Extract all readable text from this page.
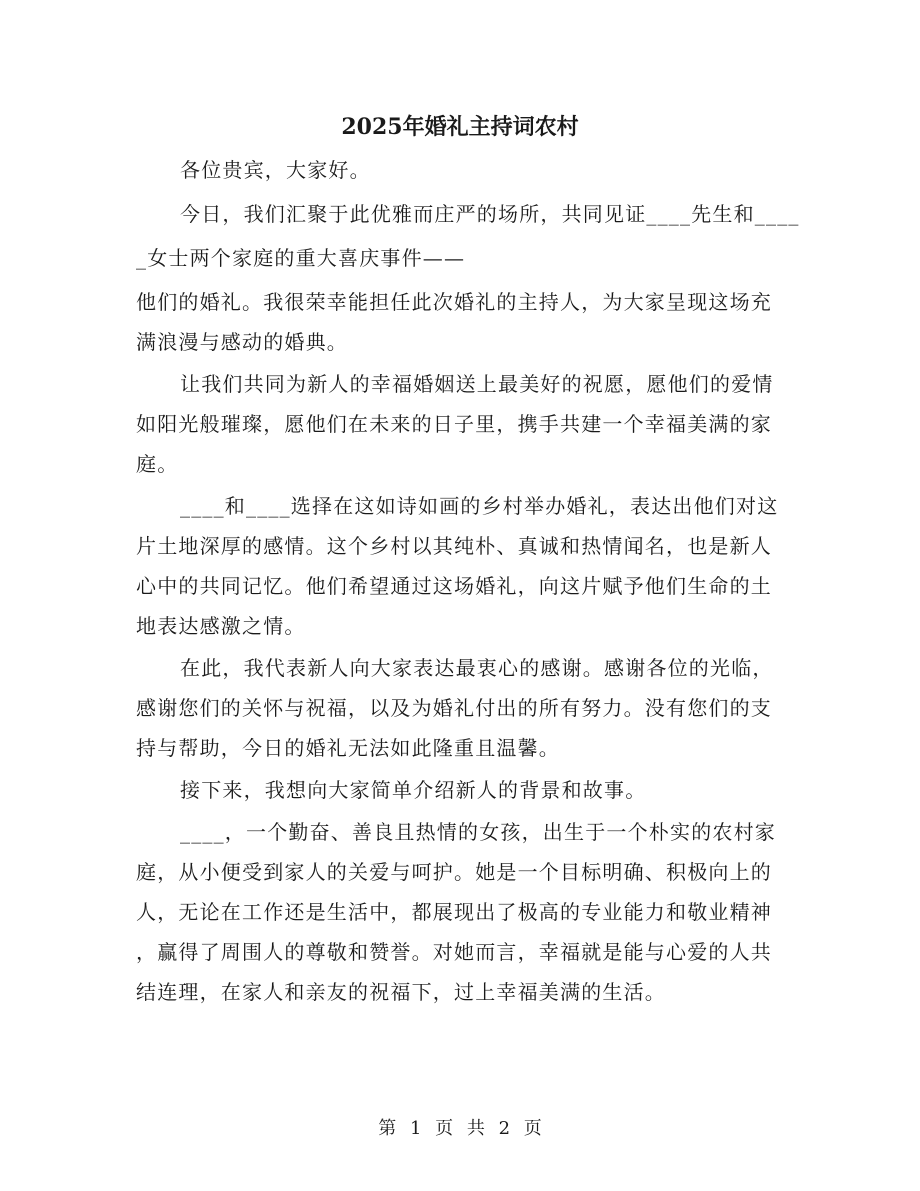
2025年婚礼主持词农村
各位贵宾，大家好。
今日，我们汇聚于此优雅而庄严的场所，共同见证____先生和____
_女士两个家庭的重大喜庆事件——
他们的婚礼。我很荣幸能担任此次婚礼的主持人，为大家呈现这场充
满浪漫与感动的婚典。
让我们共同为新人的幸福婚姻送上最美好的祝愿，愿他们的爱情
如阳光般璀璨，愿他们在未来的日子里，携手共建一个幸福美满的家
庭。
____和____选择在这如诗如画的乡村举办婚礼，表达出他们对这
片土地深厚的感情。这个乡村以其纯朴、真诚和热情闻名，也是新人
心中的共同记忆。他们希望通过这场婚礼，向这片赋予他们生命的土
地表达感激之情。
在此，我代表新人向大家表达最衷心的感谢。感谢各位的光临，
感谢您们的关怀与祝福，以及为婚礼付出的所有努力。没有您们的支
持与帮助，今日的婚礼无法如此隆重且温馨。
接下来，我想向大家简单介绍新人的背景和故事。
____，一个勤奋、善良且热情的女孩，出生于一个朴实的农村家
庭，从小便受到家人的关爱与呵护。她是一个目标明确、积极向上的
人，无论在工作还是生活中，都展现出了极高的专业能力和敬业精神
，赢得了周围人的尊敬和赞誉。对她而言，幸福就是能与心爱的人共
结连理，在家人和亲友的祝福下，过上幸福美满的生活。
第 1 页 共 2 页
